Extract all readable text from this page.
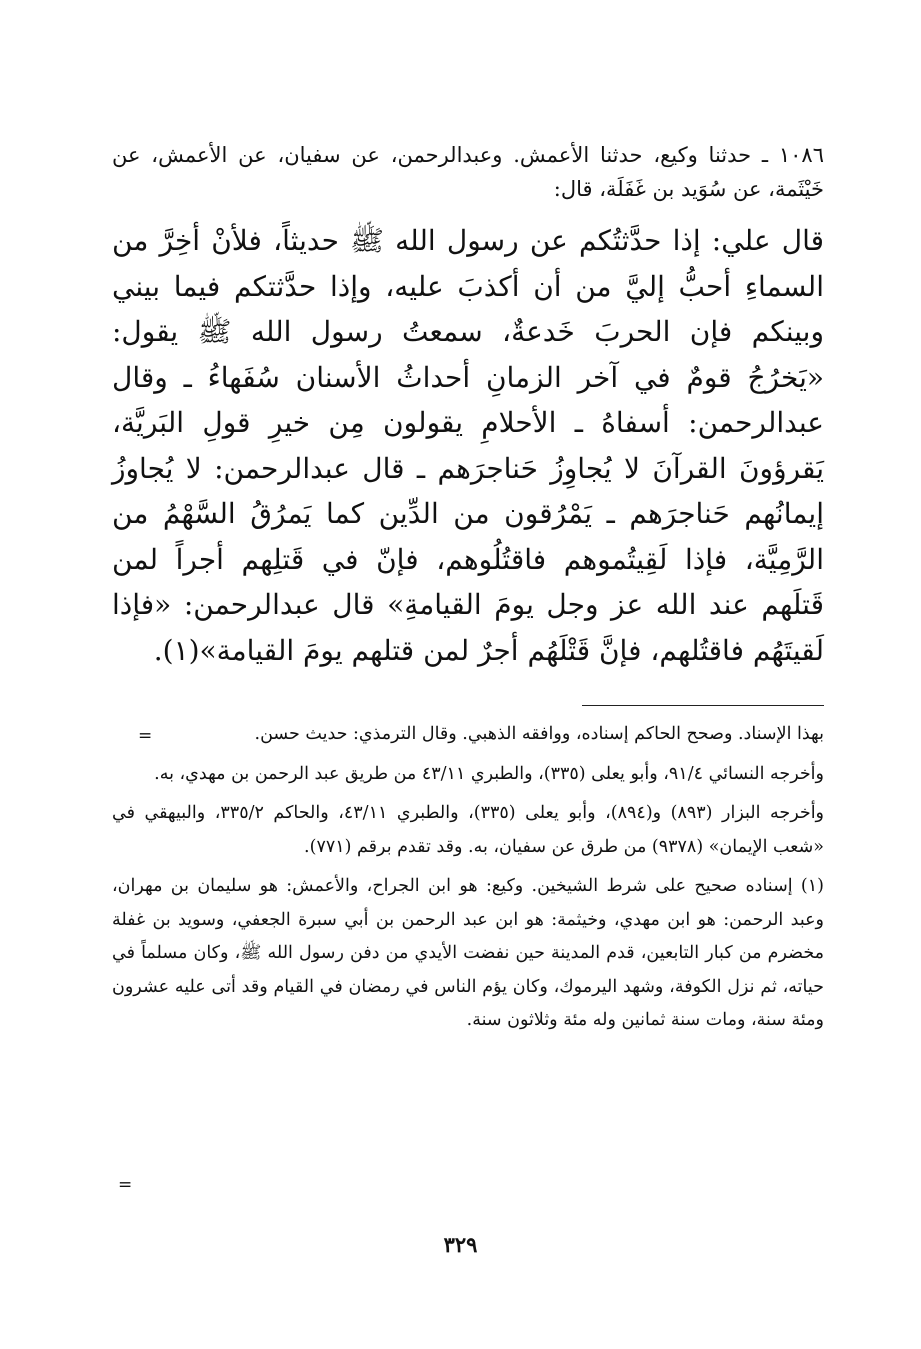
١٠٨٦ ـ حدثنا وكيع، حدثنا الأعمش. وعبدالرحمن، عن سفيان، عن الأعمش، عن خَيْثَمة، عن سُوَيد بن غَفَلَة، قال:

قال علي: إذا حدَّثتُكم عن رسول الله ﷺ حديثاً، فلأنْ أخِرَّ من السماءِ أحبُّ إليَّ من أن أكذبَ عليه، وإذا حدَّثتكم فيما بيني وبينكم فإن الحربَ خَدعةٌ، سمعتُ رسول الله ﷺ يقول: «يَخرُجُ قومٌ في آخر الزمانِ أحداثُ الأسنان سُفَهاءُ ـ وقال عبدالرحمن: أسفاهُ ـ الأحلامِ يقولون مِن خيرِ قولِ البَريَّة، يَقرؤونَ القرآنَ لا يُجاوِزُ حَناجرَهم ـ قال عبدالرحمن: لا يُجاوزُ إيمانُهم حَناجرَهم ـ يَمْرُقون من الدِّين كما يَمرُقُ السَّهْمُ من الرَّمِيَّة، فإذا لَقِيتُموهم فاقتُلُوهم، فإنّ في قَتلِهم أجراً لمن قَتلَهم عند الله عز وجل يومَ القيامةِ» قال عبدالرحمن: «فإذا لَقيتَهُم فاقتُلهم، فإنَّ قَتْلَهُم أجرٌ لمن قتلهم يومَ القيامة»(١).

=	بهذا الإسناد. وصحح الحاكم إسناده، ووافقه الذهبي. وقال الترمذي: حديث حسن.

وأخرجه النسائي ٩١/٤، وأبو يعلى (٣٣٥)، والطبري ٤٣/١١ من طريق عبد الرحمن بن مهدي، به.

وأخرجه البزار (٨٩٣) و(٨٩٤)، وأبو يعلى (٣٣٥)، والطبري ٤٣/١١، والحاكم ٣٣٥/٢، والبيهقي في «شعب الإيمان» (٩٣٧٨) من طرق عن سفيان، به. وقد تقدم برقم (٧٧١).

(١) إسناده صحيح على شرط الشيخين. وكيع: هو ابن الجراح، والأعمش: هو سليمان بن مهران، وعبد الرحمن: هو ابن مهدي، وخيثمة: هو ابن عبد الرحمن بن أبي سبرة الجعفي، وسويد بن غفلة مخضرم من كبار التابعين، قدم المدينة حين نفضت الأيدي من دفن رسول الله ﷺ، وكان مسلماً في حياته، ثم نزل الكوفة، وشهد اليرموك، وكان يؤم الناس في رمضان في القيام وقد أتى عليه عشرون ومئة سنة، ومات سنة ثمانين وله مئة وثلاثون سنة.

=
٣٢٩
